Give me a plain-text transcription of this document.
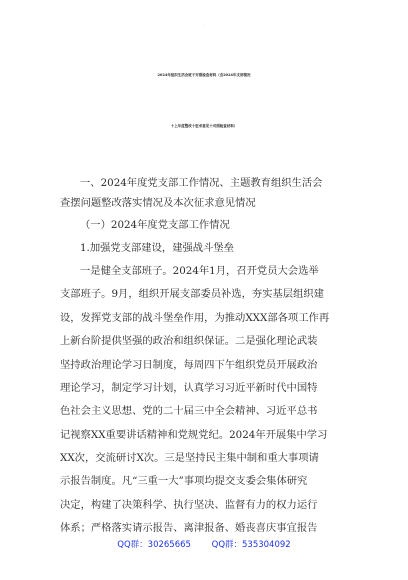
2024年组织生活会班子对照检查材料（含2024年支部情况
十上年度整改十征求意见十对照检查材料）
一、2024年度党支部工作情况、主题教育组织生活会
查摆问题整改落实情况及本次征求意见情况
（一）2024年度党支部工作情况
1.加强党支部建设，建强战斗堡垒
一是健全支部班子。2024年1月，召开党员大会选举
支部班子。9月，组织开展支部委员补选，夯实基层组织建
设，发挥党支部的战斗堡垒作用，为推动XXX部各项工作再
上新台阶提供坚强的政治和组织保证。二是强化理论武装
坚持政治理论学习日制度，每周四下午组织党员开展政治
理论学习，制定学习计划，认真学习习近平新时代中国特
色社会主义思想、党的二十届三中全会精神、习近平总书
记视察XX重要讲话精神和党规党纪。2024年开展集中学习
XX次，交流研讨X次。三是坚持民主集中制和重大事项请
示报告制度。凡“三重一大”事项均提交支委会集体研究
决定，构建了决策科学、执行坚决、监督有力的权力运行
体系；严格落实请示报告、离津报备、婚丧喜庆事宜报告
QQ群：30265665 QQ群：535304092
